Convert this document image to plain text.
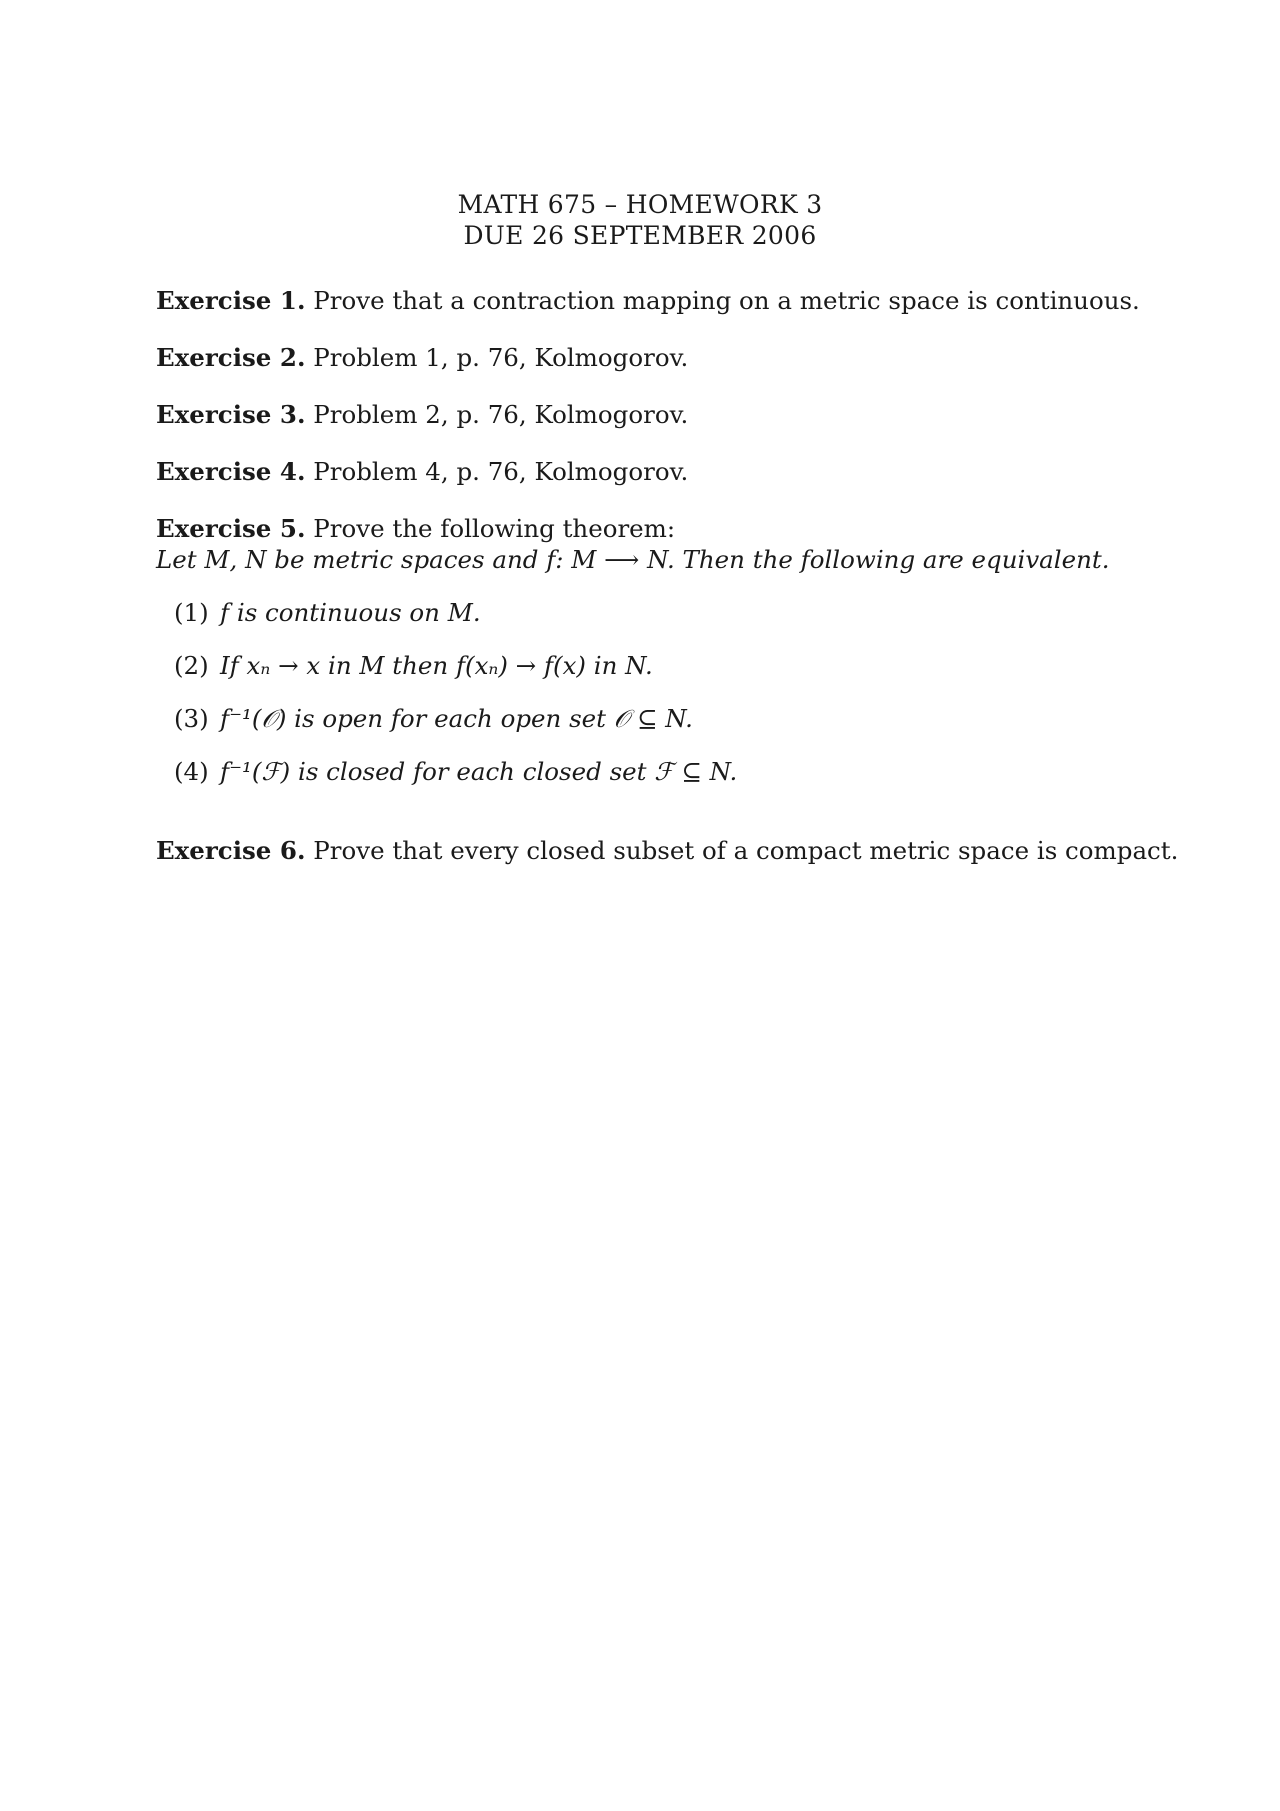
MATH 675 – HOMEWORK 3
DUE 26 SEPTEMBER 2006
Exercise 1. Prove that a contraction mapping on a metric space is continuous.
Exercise 2. Problem 1, p. 76, Kolmogorov.
Exercise 3. Problem 2, p. 76, Kolmogorov.
Exercise 4. Problem 4, p. 76, Kolmogorov.
Exercise 5. Prove the following theorem:
Let M, N be metric spaces and f: M ⟶ N. Then the following are equivalent.
(1) f is continuous on M.
(2) If xₙ → x in M then f(xₙ) → f(x) in N.
(3) f⁻¹(𝒪) is open for each open set 𝒪 ⊆ N.
(4) f⁻¹(ℱ) is closed for each closed set ℱ ⊆ N.
Exercise 6. Prove that every closed subset of a compact metric space is compact.
